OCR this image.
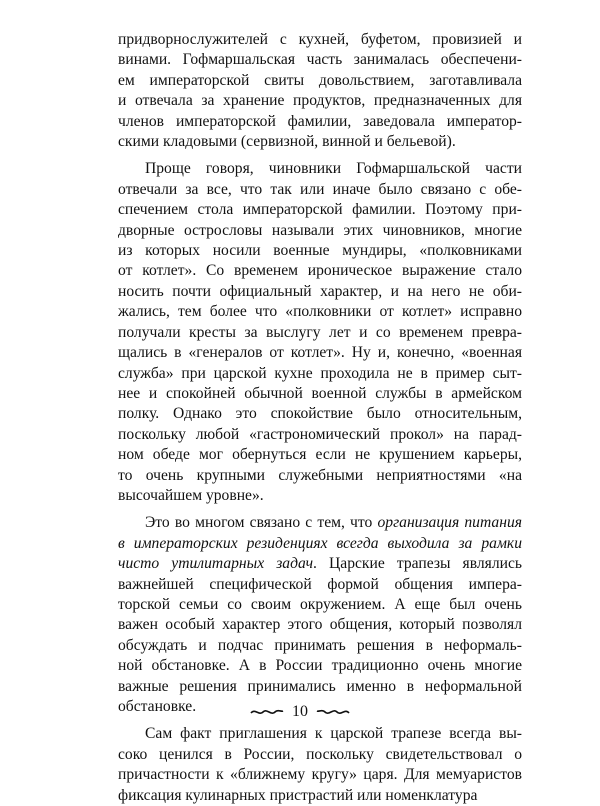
придворнослужителей с кухней, буфетом, провизией и
винами. Гофмаршальская часть занималась обеспечени-
ем императорской свиты довольствием, заготавливала
и отвечала за хранение продуктов, предназначенных для
членов императорской фамилии, заведовала император-
скими кладовыми (сервизной, винной и бельевой).
Проще говоря, чиновники Гофмаршальской части
отвечали за все, что так или иначе было связано с обе-
спечением стола императорской фамилии. Поэтому при-
дворные острословы называли этих чиновников, многие
из которых носили военные мундиры, «полковниками
от котлет». Со временем ироническое выражение стало
носить почти официальный характер, и на него не оби-
жались, тем более что «полковники от котлет» исправно
получали кресты за выслугу лет и со временем превра-
щались в «генералов от котлет». Ну и, конечно, «военная
служба» при царской кухне проходила не в пример сыт-
нее и спокойней обычной военной службы в армейском
полку. Однако это спокойствие было относительным,
поскольку любой «гастрономический прокол» на парад-
ном обеде мог обернуться если не крушением карьеры,
то очень крупными служебными неприятностями «на
высочайшем уровне».
Это во многом связано с тем, что организация питания
в императорских резиденциях всегда выходила за рамки
чисто утилитарных задач. Царские трапезы являлись
важнейшей специфической формой общения импера-
торской семьи со своим окружением. А еще был очень
важен особый характер этого общения, который позволял
обсуждать и подчас принимать решения в неформаль-
ной обстановке. А в России традиционно очень многие
важные решения принимались именно в неформальной
обстановке.
Сам факт приглашения к царской трапезе всегда вы-
соко ценился в России, поскольку свидетельствовал о
причастности к «ближнему кругу» царя. Для мемуаристов
фиксация кулинарных пристрастий или номенклатура
10
